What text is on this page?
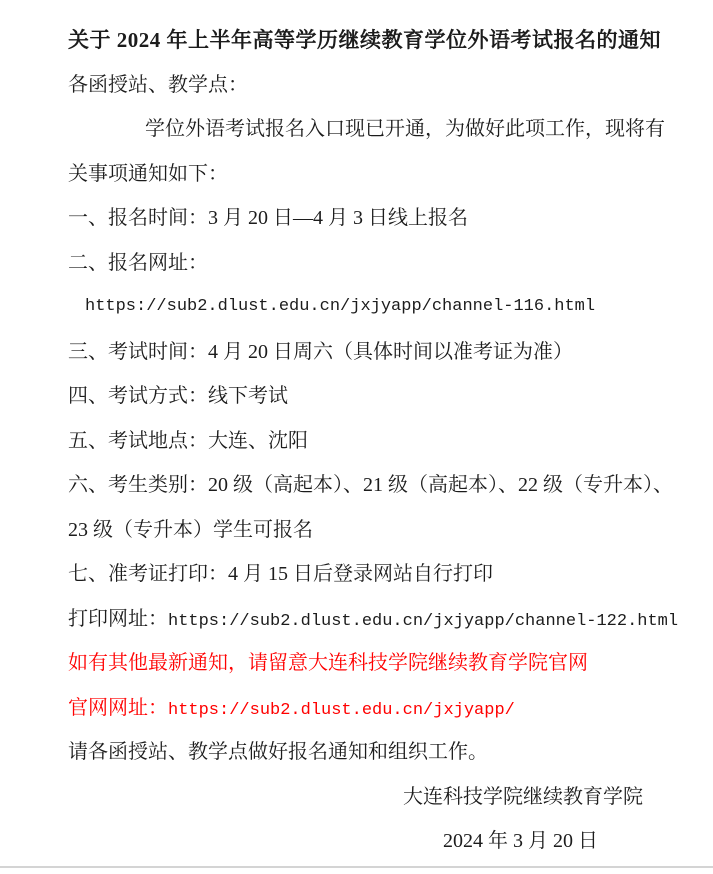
关于 2024 年上半年高等学历继续教育学位外语考试报名的通知
各函授站、教学点：
学位外语考试报名入口现已开通，为做好此项工作，现将有
关事项通知如下：
一、报名时间：3 月 20 日—4 月 3 日线上报名
二、报名网址：
https://sub2.dlust.edu.cn/jxjyapp/channel-116.html
三、考试时间：4 月 20 日周六（具体时间以准考证为准）
四、考试方式：线下考试
五、考试地点：大连、沈阳
六、考生类别：20 级（高起本）、21 级（高起本）、22 级（专升本）、
23 级（专升本）学生可报名
七、准考证打印：4 月 15 日后登录网站自行打印
打印网址：https://sub2.dlust.edu.cn/jxjyapp/channel-122.html
如有其他最新通知，请留意大连科技学院继续教育学院官网
官网网址：https://sub2.dlust.edu.cn/jxjyapp/
请各函授站、教学点做好报名通知和组织工作。
大连科技学院继续教育学院
2024 年 3 月 20 日
